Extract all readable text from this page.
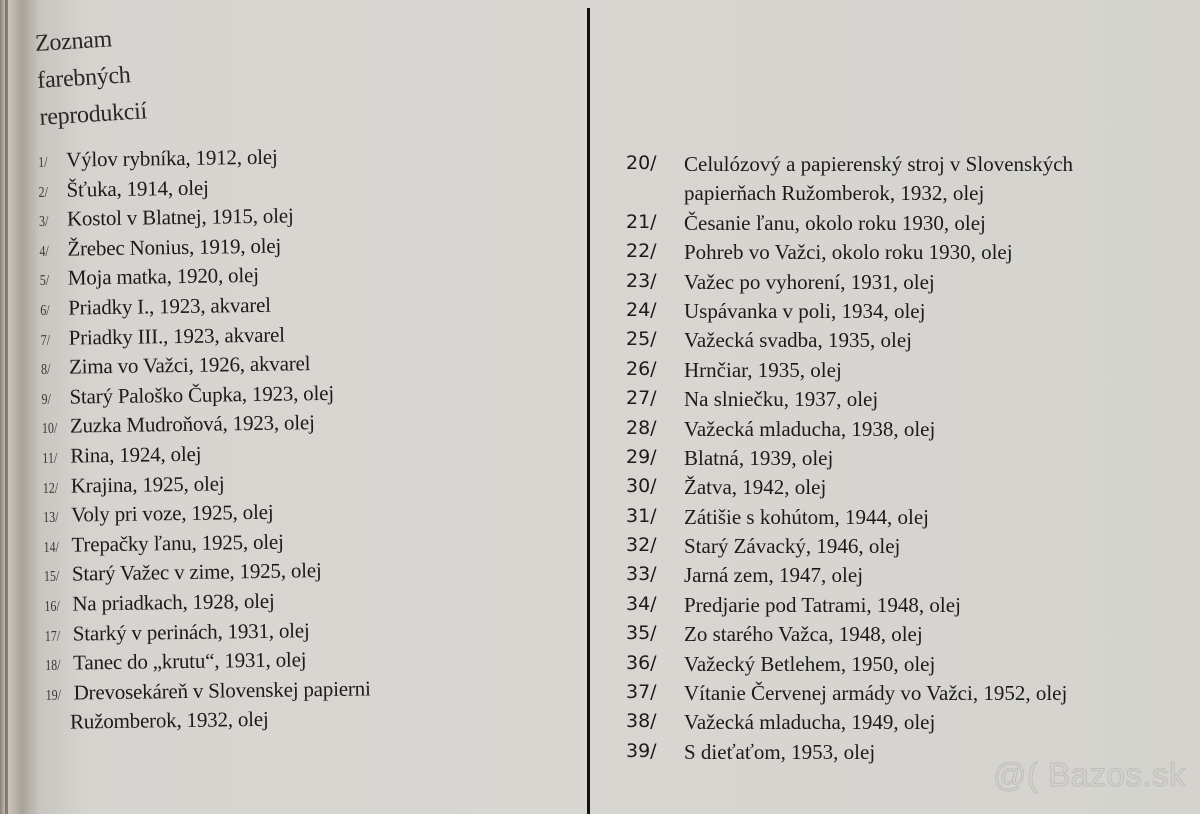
Zoznam
farebných
reprodukcií
1/ Výlov rybníka, 1912, olej
2/ Šťuka, 1914, olej
3/ Kostol v Blatnej, 1915, olej
4/ Žrebec Nonius, 1919, olej
5/ Moja matka, 1920, olej
6/ Priadky I., 1923, akvarel
7/ Priadky III., 1923, akvarel
8/ Zima vo Važci, 1926, akvarel
9/ Starý Paloško Čupka, 1923, olej
10/ Zuzka Mudroňová, 1923, olej
11/ Rina, 1924, olej
12/ Krajina, 1925, olej
13/ Voly pri voze, 1925, olej
14/ Trepačky ľanu, 1925, olej
15/ Starý Važec v zime, 1925, olej
16/ Na priadkach, 1928, olej
17/ Starký v perinách, 1931, olej
18/ Tanec do „krutu“, 1931, olej
19/ Drevosekáreň v Slovenskej papierni
Ružomberok, 1932, olej
20/ Celulózový a papierenský stroj v Slovenských
papierňach Ružomberok, 1932, olej
21/ Česanie ľanu, okolo roku 1930, olej
22/ Pohreb vo Važci, okolo roku 1930, olej
23/ Važec po vyhorení, 1931, olej
24/ Uspávanka v poli, 1934, olej
25/ Važecká svadba, 1935, olej
26/ Hrnčiar, 1935, olej
27/ Na slniečku, 1937, olej
28/ Važecká mladucha, 1938, olej
29/ Blatná, 1939, olej
30/ Žatva, 1942, olej
31/ Zátišie s kohútom, 1944, olej
32/ Starý Závacký, 1946, olej
33/ Jarná zem, 1947, olej
34/ Predjarie pod Tatrami, 1948, olej
35/ Zo starého Važca, 1948, olej
36/ Važecký Betlehem, 1950, olej
37/ Vítanie Červenej armády vo Važci, 1952, olej
38/ Važecká mladucha, 1949, olej
39/ S dieťaťom, 1953, olej
@( Bazos.sk
